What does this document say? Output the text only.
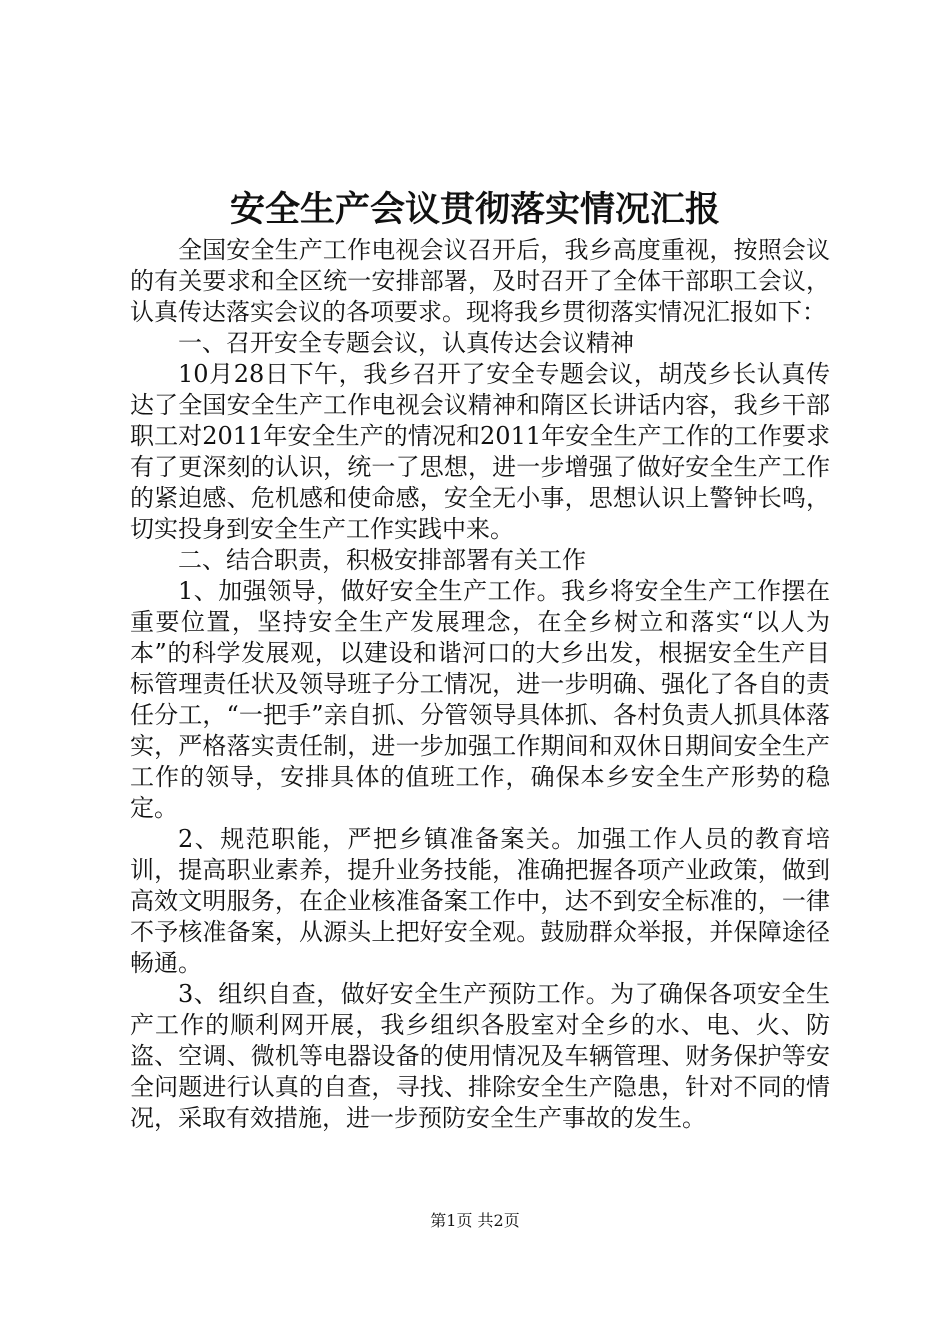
安全生产会议贯彻落实情况汇报

全国安全生产工作电视会议召开后，我乡高度重视，按照会议的有关要求和全区统一安排部署，及时召开了全体干部职工会议，认真传达落实会议的各项要求。现将我乡贯彻落实情况汇报如下：

一、召开安全专题会议，认真传达会议精神

10月28日下午，我乡召开了安全专题会议，胡茂乡长认真传达了全国安全生产工作电视会议精神和隋区长讲话内容，我乡干部职工对2011年安全生产的情况和2011年安全生产工作的工作要求有了更深刻的认识，统一了思想，进一步增强了做好安全生产工作的紧迫感、危机感和使命感，安全无小事，思想认识上警钟长鸣，切实投身到安全生产工作实践中来。

二、结合职责，积极安排部署有关工作

1、加强领导，做好安全生产工作。我乡将安全生产工作摆在重要位置，坚持安全生产发展理念，在全乡树立和落实“以人为本”的科学发展观，以建设和谐河口的大乡出发，根据安全生产目标管理责任状及领导班子分工情况，进一步明确、强化了各自的责任分工，“一把手”亲自抓、分管领导具体抓、各村负责人抓具体落实，严格落实责任制，进一步加强工作期间和双休日期间安全生产工作的领导，安排具体的值班工作，确保本乡安全生产形势的稳定。

2、规范职能，严把乡镇准备案关。加强工作人员的教育培训，提高职业素养，提升业务技能，准确把握各项产业政策，做到高效文明服务，在企业核准备案工作中，达不到安全标准的，一律不予核准备案，从源头上把好安全观。鼓励群众举报，并保障途径畅通。

3、组织自查，做好安全生产预防工作。为了确保各项安全生产工作的顺利网开展，我乡组织各股室对全乡的水、电、火、防盗、空调、微机等电器设备的使用情况及车辆管理、财务保护等安全问题进行认真的自查，寻找、排除安全生产隐患，针对不同的情况，采取有效措施，进一步预防安全生产事故的发生。

第1页 共2页
